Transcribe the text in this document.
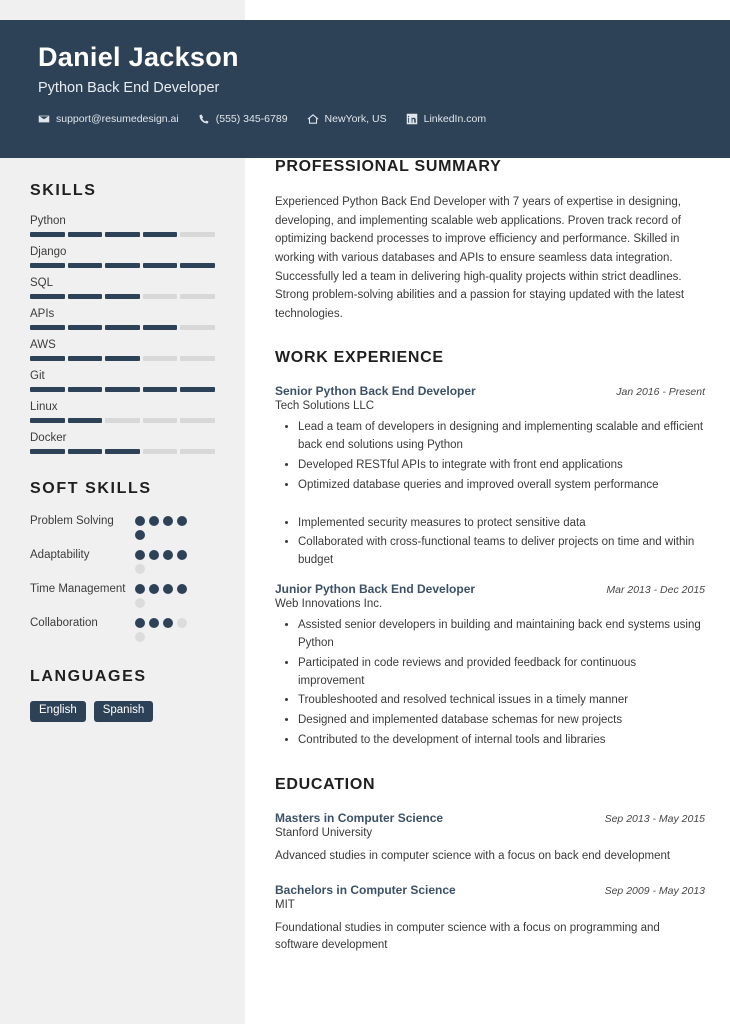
Daniel Jackson
Python Back End Developer
support@resumedesign.ai	(555) 345-6789	NewYork, US	LinkedIn.com
SKILLS
Python
Django
SQL
APIs
AWS
Git
Linux
Docker
SOFT SKILLS
Problem Solving
Adaptability
Time Management
Collaboration
LANGUAGES
English	Spanish
PROFESSIONAL SUMMARY
Experienced Python Back End Developer with 7 years of expertise in designing, developing, and implementing scalable web applications. Proven track record of optimizing backend processes to improve efficiency and performance. Skilled in working with various databases and APIs to ensure seamless data integration. Successfully led a team in delivering high-quality projects within strict deadlines. Strong problem-solving abilities and a passion for staying updated with the latest technologies.
WORK EXPERIENCE
Senior Python Back End Developer	Jan 2016 - Present
Tech Solutions LLC
• Lead a team of developers in designing and implementing scalable and efficient back end solutions using Python
• Developed RESTful APIs to integrate with front end applications
• Optimized database queries and improved overall system performance
• Implemented security measures to protect sensitive data
• Collaborated with cross-functional teams to deliver projects on time and within budget
Junior Python Back End Developer	Mar 2013 - Dec 2015
Web Innovations Inc.
• Assisted senior developers in building and maintaining back end systems using Python
• Participated in code reviews and provided feedback for continuous improvement
• Troubleshooted and resolved technical issues in a timely manner
• Designed and implemented database schemas for new projects
• Contributed to the development of internal tools and libraries
EDUCATION
Masters in Computer Science	Sep 2013 - May 2015
Stanford University
Advanced studies in computer science with a focus on back end development
Bachelors in Computer Science	Sep 2009 - May 2013
MIT
Foundational studies in computer science with a focus on programming and software development
